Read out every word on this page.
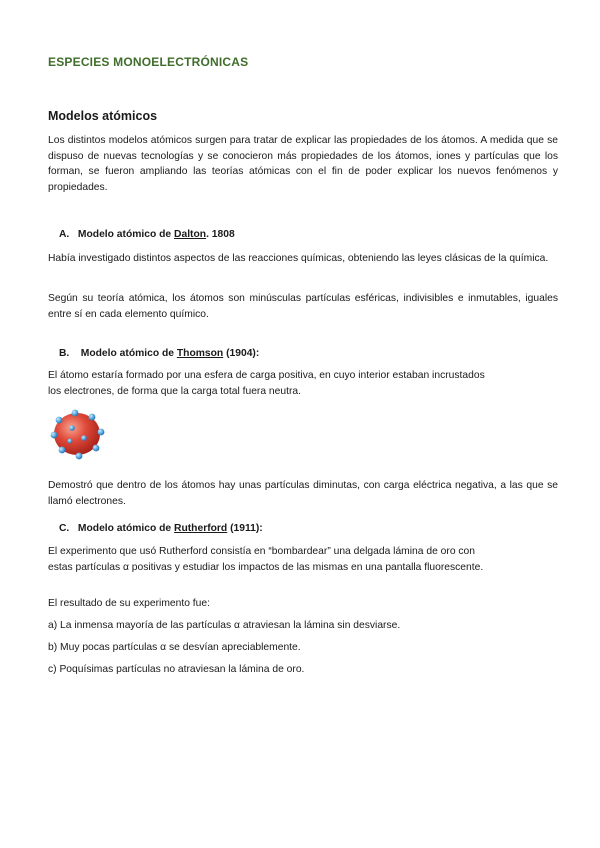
ESPECIES MONOELECTRÓNICAS
Modelos atómicos
Los distintos modelos atómicos surgen para tratar de explicar las propiedades de los átomos. A medida que se dispuso de nuevas tecnologías y se conocieron más propiedades de los átomos, iones y partículas que los forman, se fueron ampliando las teorías atómicas con el fin de poder explicar los nuevos fenómenos y propiedades.
A. Modelo atómico de Dalton. 1808
Había investigado distintos aspectos de las reacciones químicas, obteniendo las leyes clásicas de la química.
Según su teoría atómica, los átomos son minúsculas partículas esféricas, indivisibles e inmutables, iguales entre sí en cada elemento químico.
B. Modelo atómico de Thomson (1904):
El átomo estaría formado por una esfera de carga positiva, en cuyo interior estaban incrustados
los electrones, de forma que la carga total fuera neutra.
Demostró que dentro de los átomos hay unas partículas diminutas, con carga eléctrica negativa, a las que se llamó electrones.
C. Modelo atómico de Rutherford (1911):
El experimento que usó Rutherford consistía en “bombardear” una delgada lámina de oro con
estas partículas α positivas y estudiar los impactos de las mismas en una pantalla fluorescente.
El resultado de su experimento fue:
a) La inmensa mayoría de las partículas α atraviesan la lámina sin desviarse.
b) Muy pocas partículas α se desvían apreciablemente.
c) Poquísimas partículas no atraviesan la lámina de oro.
